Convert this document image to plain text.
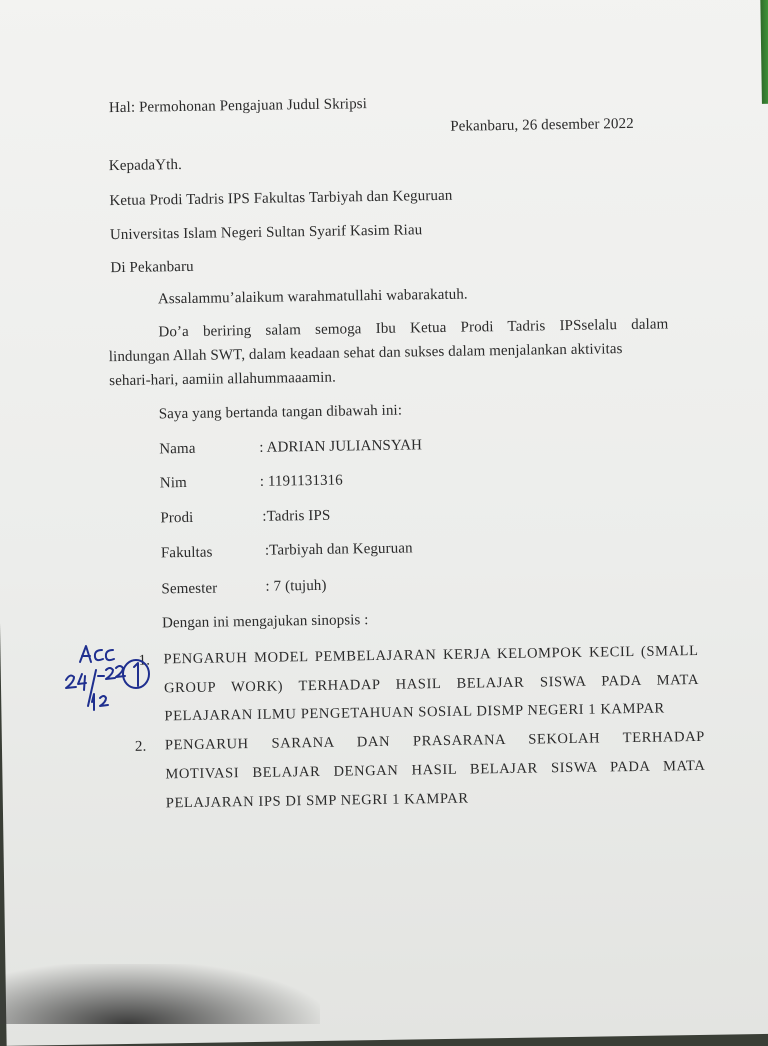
Hal: Permohonan Pengajuan Judul Skripsi
Pekanbaru, 26 desember 2022
KepadaYth.
Ketua Prodi Tadris IPS Fakultas Tarbiyah dan Keguruan
Universitas Islam Negeri Sultan Syarif Kasim Riau
Di Pekanbaru
Assalammu’alaikum warahmatullahi wabarakatuh.
Do’a beriring salam semoga Ibu Ketua Prodi Tadris IPSselalu dalam
lindungan Allah SWT, dalam keadaan sehat dan sukses dalam menjalankan aktivitas
sehari-hari, aamiin allahummaaamin.
Saya yang bertanda tangan dibawah ini:
Nama	: ADRIAN JULIANSYAH
Nim	: 1191131316
Prodi	:Tadris IPS
Fakultas	:Tarbiyah dan Keguruan
Semester	: 7 (tujuh)
Dengan ini mengajukan sinopsis :
1. PENGARUH MODEL PEMBELAJARAN KERJA KELOMPOK KECIL (SMALL
GROUP WORK) TERHADAP HASIL BELAJAR SISWA PADA MATA
PELAJARAN ILMU PENGETAHUAN SOSIAL DISMP NEGERI 1 KAMPAR
2. PENGARUH SARANA DAN PRASARANA SEKOLAH TERHADAP
MOTIVASI BELAJAR DENGAN HASIL BELAJAR SISWA PADA MATA
PELAJARAN IPS DI SMP NEGRI 1 KAMPAR
